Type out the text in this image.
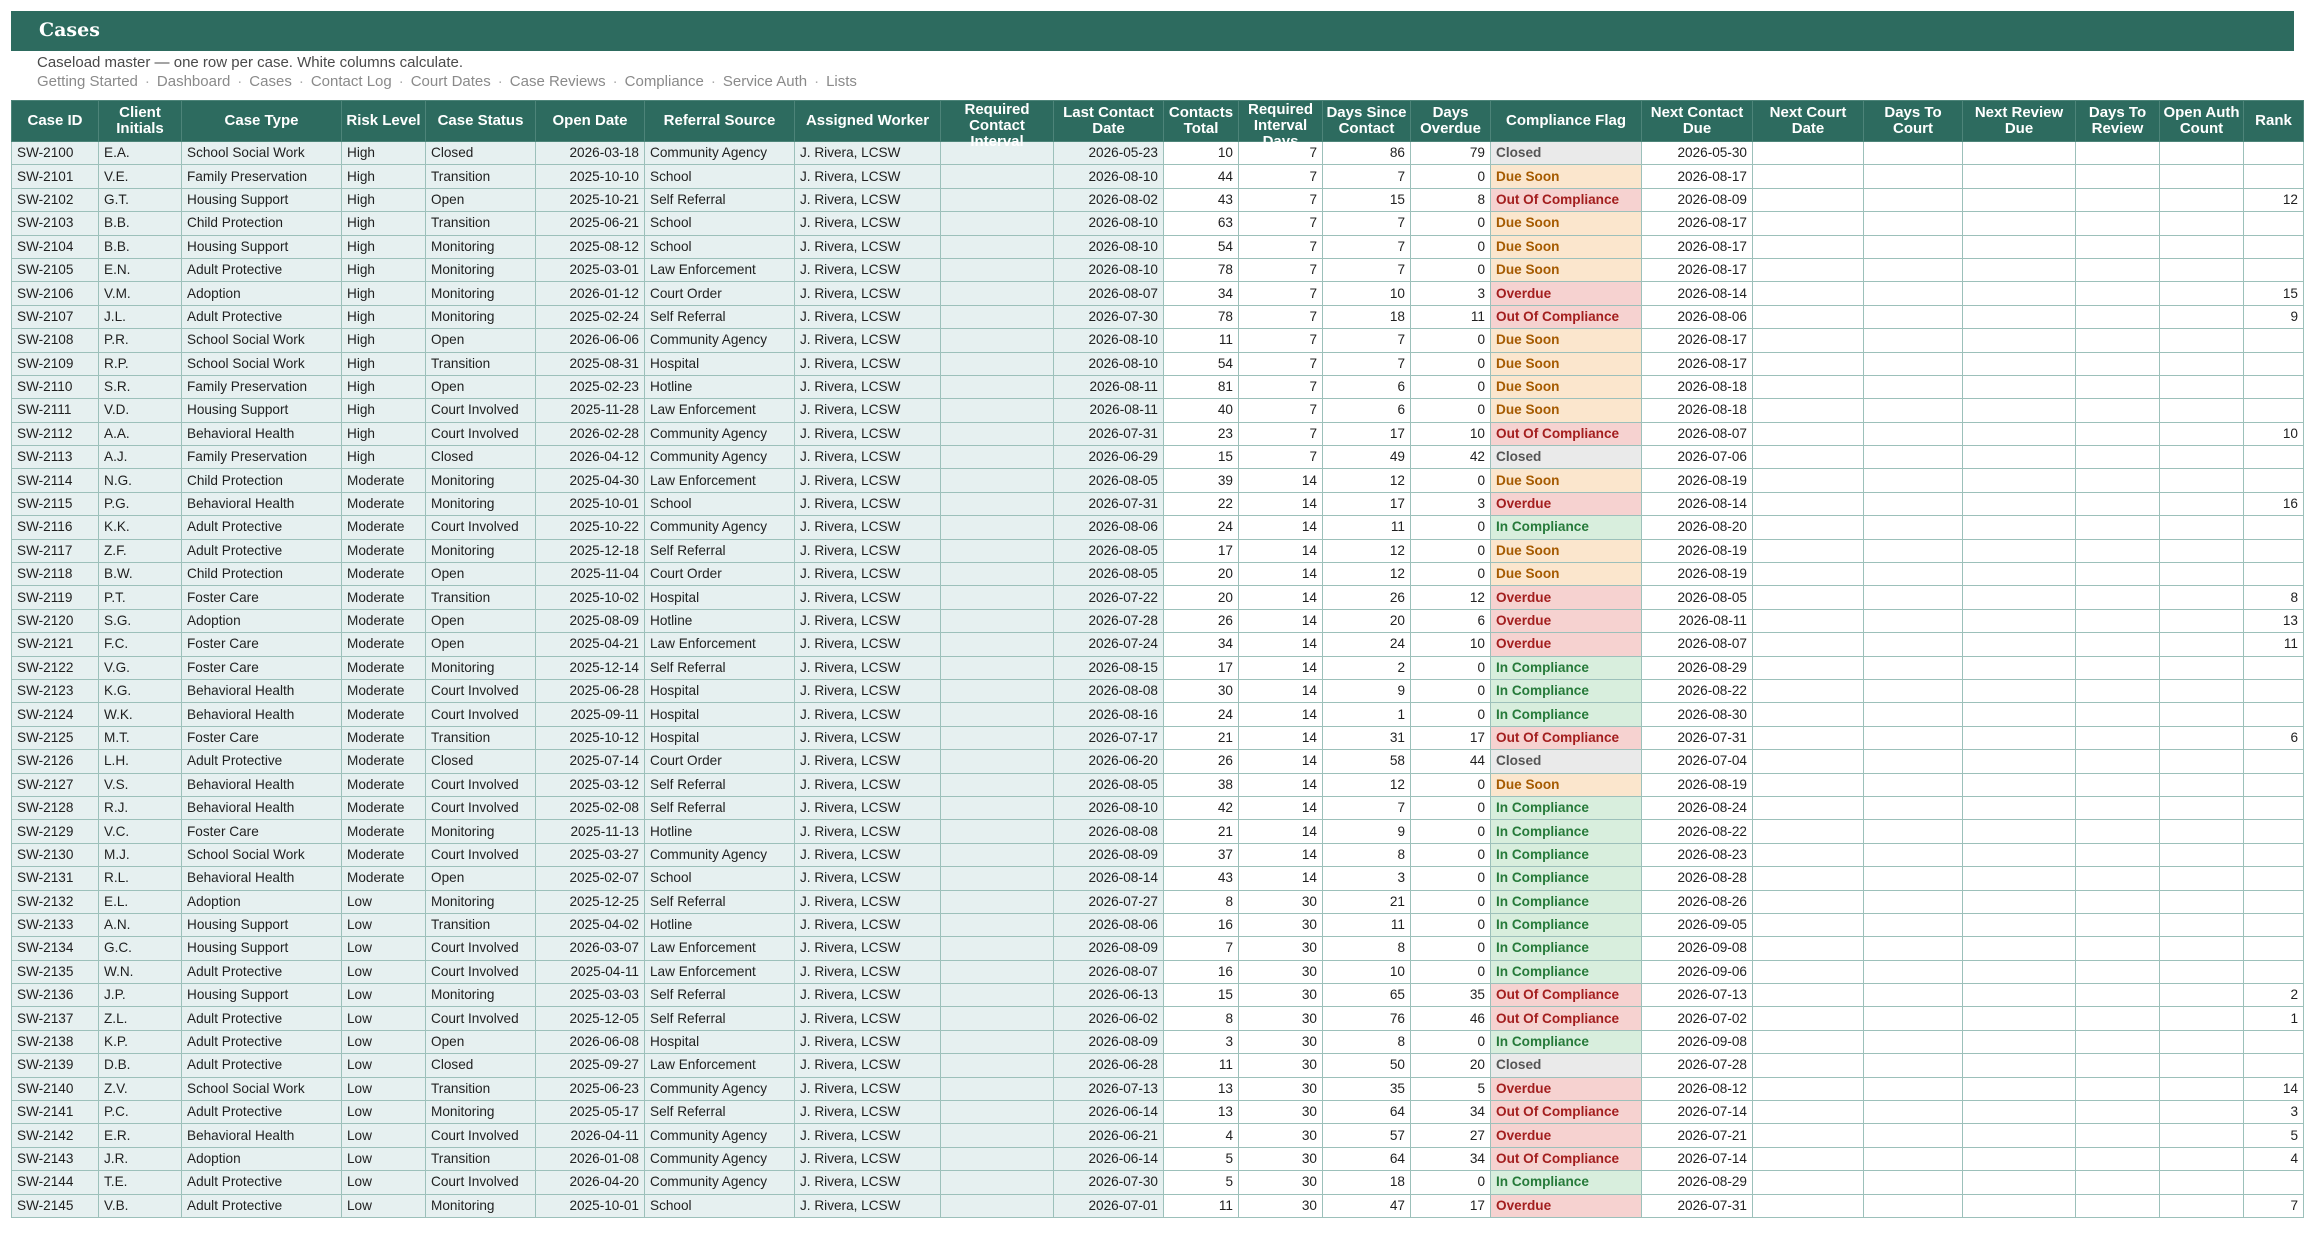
Cases
Caseload master — one row per case. White columns calculate.
Getting Started · Dashboard · Cases · Contact Log · Court Dates · Case Reviews · Compliance · Service Auth · Lists
Case ID	Client Initials	Case Type	Risk Level	Case Status	Open Date	Referral Source	Assigned Worker	Required Contact Interval	Last Contact Date	Contacts Total	Required Interval Days	Days Since Contact	Days Overdue	Compliance Flag	Next Contact Due	Next Court Date	Days To Court	Next Review Due	Days To Review	Open Auth Count	Rank

SW-2100	E.A.	School Social Work	High	Closed	2026-03-18	Community Agency	J. Rivera, LCSW		2026-05-23	10	7	86	79	Closed	2026-05-30						
SW-2101	V.E.	Family Preservation	High	Transition	2025-10-10	School	J. Rivera, LCSW		2026-08-10	44	7	7	0	Due Soon	2026-08-17						
SW-2102	G.T.	Housing Support	High	Open	2025-10-21	Self Referral	J. Rivera, LCSW		2026-08-02	43	7	15	8	Out Of Compliance	2026-08-09						12
SW-2103	B.B.	Child Protection	High	Transition	2025-06-21	School	J. Rivera, LCSW		2026-08-10	63	7	7	0	Due Soon	2026-08-17						
SW-2104	B.B.	Housing Support	High	Monitoring	2025-08-12	School	J. Rivera, LCSW		2026-08-10	54	7	7	0	Due Soon	2026-08-17						
SW-2105	E.N.	Adult Protective	High	Monitoring	2025-03-01	Law Enforcement	J. Rivera, LCSW		2026-08-10	78	7	7	0	Due Soon	2026-08-17						
SW-2106	V.M.	Adoption	High	Monitoring	2026-01-12	Court Order	J. Rivera, LCSW		2026-08-07	34	7	10	3	Overdue	2026-08-14						15
SW-2107	J.L.	Adult Protective	High	Monitoring	2025-02-24	Self Referral	J. Rivera, LCSW		2026-07-30	78	7	18	11	Out Of Compliance	2026-08-06						9
SW-2108	P.R.	School Social Work	High	Open	2026-06-06	Community Agency	J. Rivera, LCSW		2026-08-10	11	7	7	0	Due Soon	2026-08-17						
SW-2109	R.P.	School Social Work	High	Transition	2025-08-31	Hospital	J. Rivera, LCSW		2026-08-10	54	7	7	0	Due Soon	2026-08-17						
SW-2110	S.R.	Family Preservation	High	Open	2025-02-23	Hotline	J. Rivera, LCSW		2026-08-11	81	7	6	0	Due Soon	2026-08-18						
SW-2111	V.D.	Housing Support	High	Court Involved	2025-11-28	Law Enforcement	J. Rivera, LCSW		2026-08-11	40	7	6	0	Due Soon	2026-08-18						
SW-2112	A.A.	Behavioral Health	High	Court Involved	2026-02-28	Community Agency	J. Rivera, LCSW		2026-07-31	23	7	17	10	Out Of Compliance	2026-08-07						10
SW-2113	A.J.	Family Preservation	High	Closed	2026-04-12	Community Agency	J. Rivera, LCSW		2026-06-29	15	7	49	42	Closed	2026-07-06						
SW-2114	N.G.	Child Protection	Moderate	Monitoring	2025-04-30	Law Enforcement	J. Rivera, LCSW		2026-08-05	39	14	12	0	Due Soon	2026-08-19						
SW-2115	P.G.	Behavioral Health	Moderate	Monitoring	2025-10-01	School	J. Rivera, LCSW		2026-07-31	22	14	17	3	Overdue	2026-08-14						16
SW-2116	K.K.	Adult Protective	Moderate	Court Involved	2025-10-22	Community Agency	J. Rivera, LCSW		2026-08-06	24	14	11	0	In Compliance	2026-08-20						
SW-2117	Z.F.	Adult Protective	Moderate	Monitoring	2025-12-18	Self Referral	J. Rivera, LCSW		2026-08-05	17	14	12	0	Due Soon	2026-08-19						
SW-2118	B.W.	Child Protection	Moderate	Open	2025-11-04	Court Order	J. Rivera, LCSW		2026-08-05	20	14	12	0	Due Soon	2026-08-19						
SW-2119	P.T.	Foster Care	Moderate	Transition	2025-10-02	Hospital	J. Rivera, LCSW		2026-07-22	20	14	26	12	Overdue	2026-08-05						8
SW-2120	S.G.	Adoption	Moderate	Open	2025-08-09	Hotline	J. Rivera, LCSW		2026-07-28	26	14	20	6	Overdue	2026-08-11						13
SW-2121	F.C.	Foster Care	Moderate	Open	2025-04-21	Law Enforcement	J. Rivera, LCSW		2026-07-24	34	14	24	10	Overdue	2026-08-07						11
SW-2122	V.G.	Foster Care	Moderate	Monitoring	2025-12-14	Self Referral	J. Rivera, LCSW		2026-08-15	17	14	2	0	In Compliance	2026-08-29						
SW-2123	K.G.	Behavioral Health	Moderate	Court Involved	2025-06-28	Hospital	J. Rivera, LCSW		2026-08-08	30	14	9	0	In Compliance	2026-08-22						
SW-2124	W.K.	Behavioral Health	Moderate	Court Involved	2025-09-11	Hospital	J. Rivera, LCSW		2026-08-16	24	14	1	0	In Compliance	2026-08-30						
SW-2125	M.T.	Foster Care	Moderate	Transition	2025-10-12	Hospital	J. Rivera, LCSW		2026-07-17	21	14	31	17	Out Of Compliance	2026-07-31						6
SW-2126	L.H.	Adult Protective	Moderate	Closed	2025-07-14	Court Order	J. Rivera, LCSW		2026-06-20	26	14	58	44	Closed	2026-07-04						
SW-2127	V.S.	Behavioral Health	Moderate	Court Involved	2025-03-12	Self Referral	J. Rivera, LCSW		2026-08-05	38	14	12	0	Due Soon	2026-08-19						
SW-2128	R.J.	Behavioral Health	Moderate	Court Involved	2025-02-08	Self Referral	J. Rivera, LCSW		2026-08-10	42	14	7	0	In Compliance	2026-08-24						
SW-2129	V.C.	Foster Care	Moderate	Monitoring	2025-11-13	Hotline	J. Rivera, LCSW		2026-08-08	21	14	9	0	In Compliance	2026-08-22						
SW-2130	M.J.	School Social Work	Moderate	Court Involved	2025-03-27	Community Agency	J. Rivera, LCSW		2026-08-09	37	14	8	0	In Compliance	2026-08-23						
SW-2131	R.L.	Behavioral Health	Moderate	Open	2025-02-07	School	J. Rivera, LCSW		2026-08-14	43	14	3	0	In Compliance	2026-08-28						
SW-2132	E.L.	Adoption	Low	Monitoring	2025-12-25	Self Referral	J. Rivera, LCSW		2026-07-27	8	30	21	0	In Compliance	2026-08-26						
SW-2133	A.N.	Housing Support	Low	Transition	2025-04-02	Hotline	J. Rivera, LCSW		2026-08-06	16	30	11	0	In Compliance	2026-09-05						
SW-2134	G.C.	Housing Support	Low	Court Involved	2026-03-07	Law Enforcement	J. Rivera, LCSW		2026-08-09	7	30	8	0	In Compliance	2026-09-08						
SW-2135	W.N.	Adult Protective	Low	Court Involved	2025-04-11	Law Enforcement	J. Rivera, LCSW		2026-08-07	16	30	10	0	In Compliance	2026-09-06						
SW-2136	J.P.	Housing Support	Low	Monitoring	2025-03-03	Self Referral	J. Rivera, LCSW		2026-06-13	15	30	65	35	Out Of Compliance	2026-07-13						2
SW-2137	Z.L.	Adult Protective	Low	Court Involved	2025-12-05	Self Referral	J. Rivera, LCSW		2026-06-02	8	30	76	46	Out Of Compliance	2026-07-02						1
SW-2138	K.P.	Adult Protective	Low	Open	2026-06-08	Hospital	J. Rivera, LCSW		2026-08-09	3	30	8	0	In Compliance	2026-09-08						
SW-2139	D.B.	Adult Protective	Low	Closed	2025-09-27	Law Enforcement	J. Rivera, LCSW		2026-06-28	11	30	50	20	Closed	2026-07-28						
SW-2140	Z.V.	School Social Work	Low	Transition	2025-06-23	Community Agency	J. Rivera, LCSW		2026-07-13	13	30	35	5	Overdue	2026-08-12						14
SW-2141	P.C.	Adult Protective	Low	Monitoring	2025-05-17	Self Referral	J. Rivera, LCSW		2026-06-14	13	30	64	34	Out Of Compliance	2026-07-14						3
SW-2142	E.R.	Behavioral Health	Low	Court Involved	2026-04-11	Community Agency	J. Rivera, LCSW		2026-06-21	4	30	57	27	Overdue	2026-07-21						5
SW-2143	J.R.	Adoption	Low	Transition	2026-01-08	Community Agency	J. Rivera, LCSW		2026-06-14	5	30	64	34	Out Of Compliance	2026-07-14						4
SW-2144	T.E.	Adult Protective	Low	Court Involved	2026-04-20	Community Agency	J. Rivera, LCSW		2026-07-30	5	30	18	0	In Compliance	2026-08-29						
SW-2145	V.B.	Adult Protective	Low	Monitoring	2025-10-01	School	J. Rivera, LCSW		2026-07-01	11	30	47	17	Overdue	2026-07-31						7
